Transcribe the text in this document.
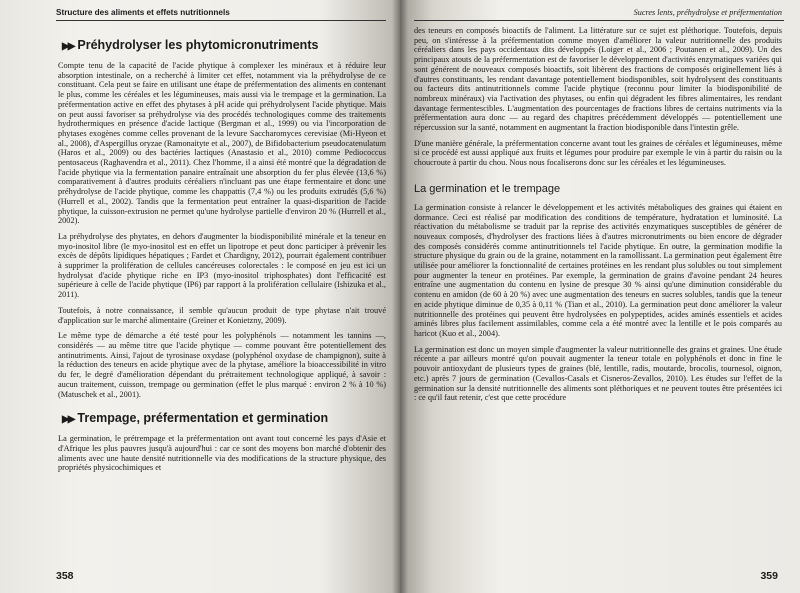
Structure des aliments et effets nutritionnels
▶▶ Préhydrolyser les phytomicronutriments

Compte tenu de la capacité de l'acide phytique à complexer les minéraux et à réduire leur absorption intestinale, on a recherché à limiter cet effet, notamment via la préhydrolyse de ce constituant. Cela peut se faire en utilisant une étape de préfermentation des aliments en contenant le plus, comme les céréales et les légumineuses, mais aussi via le trempage et la germination. La préfermentation active en effet des phytases à pH acide qui préhydrolysent l'acide phytique. Mais on peut aussi favoriser sa préhydrolyse via des procédés technologiques comme des traitements hydrothermiques en présence d'acide lactique (Bergman et al., 1999) ou via l'incorporation de phytases exogènes comme celles provenant de la levure Saccharomyces cerevisiae (Mi-Hyeon et al., 2008), d'Aspergillus oryzae (Ramonaityte et al., 2007), de Bifidobacterium pseudocatenulatum (Haros et al., 2009) ou des bactéries lactiques (Anastasio et al., 2010) comme Pediococcus pentosaceus (Raghavendra et al., 2011). Chez l'homme, il a ainsi été montré que la dégradation de l'acide phytique via la fermentation panaire entraînait une absorption du fer plus élevée (13,6 %) comparativement à d'autres produits céréaliers n'incluant pas une étape fermentaire et donc une préhydrolyse de l'acide phytique, comme les chappattis (7,4 %) ou les produits extrudés (5,6 %) (Hurrell et al., 2002). Tandis que la fermentation peut entraîner la quasi-disparition de l'acide phytique, la cuisson-extrusion ne permet qu'une hydrolyse partielle d'environ 20 % (Hurrell et al., 2002).

La préhydrolyse des phytates, en dehors d'augmenter la biodisponibilité minérale et la teneur en myo-inositol libre (le myo-inositol est en effet un lipotrope et peut donc participer à prévenir les excès de dépôts lipidiques hépatiques ; Fardet et Chardigny, 2012), pourrait également contribuer à supprimer la prolifération de cellules cancéreuses colorectales : le composé en jeu est ici un hydrolysat d'acide phytique riche en IP3 (myo-inositol triphosphates) dont l'efficacité est supérieure à celle de l'acide phytique (IP6) par rapport à la prolifération cellulaire (Ishizuka et al., 2011).

Toutefois, à notre connaissance, il semble qu'aucun produit de type phytase n'ait trouvé d'application sur le marché alimentaire (Greiner et Konietzny, 2009).

Le même type de démarche a été testé pour les polyphénols — notamment les tannins —, considérés — au même titre que l'acide phytique — comme pouvant être potentiellement des antinutriments. Ainsi, l'ajout de tyrosinase oxydase (polyphénol oxydase de champignon), suite à la réduction des teneurs en acide phytique avec de la phytase, améliore la bioaccessibilité in vitro du fer, le degré d'amélioration dépendant du prétraitement technologique appliqué, à savoir : aucun traitement, cuisson, trempage ou germination (effet le plus marqué : environ 2 % à 10 %) (Matuschek et al., 2001).

▶▶ Trempage, préfermentation et germination

La germination, le prétrempage et la préfermentation ont avant tout concerné les pays d'Asie et d'Afrique les plus pauvres jusqu'à aujourd'hui : car ce sont des moyens bon marché d'obtenir des aliments avec une haute densité nutritionnelle via des modifications de la structure physique, des propriétés physicochimiques et

358
Sucres lents, préhydrolyse et préfermentation

des teneurs en composés bioactifs de l'aliment. La littérature sur ce sujet est pléthorique. Toutefois, depuis peu, on s'intéresse à la préfermentation comme moyen d'améliorer la valeur nutritionnelle des produits céréaliers dans les pays occidentaux dits développés (Loiger et al., 2006 ; Poutanen et al., 2009). Un des principaux atouts de la préfermentation est de favoriser le développement d'activités enzymatiques variées qui sont générent de nouveaux composés bioactifs, soit libèrent des fractions de composés originellement liés à d'autres constituants, les rendant davantage potentiellement biodisponibles, soit hydrolysent des constituants ou facteurs dits antinutritionnels comme l'acide phytique (reconnu pour limiter la biodisponibilité de nombreux minéraux) via l'activation des phytases, ou enfin qui dégradent les fibres alimentaires, les rendant davantage fermentescibles. L'augmentation des pourcentages de fractions libres de certains nutriments via la préfermentation aura donc — au regard des chapitres précédemment développés — potentiellement une répercussion sur la santé, notamment en augmentant la fraction biodisponible dans l'intestin grêle.

D'une manière générale, la préfermentation concerne avant tout les graines de céréales et légumineuses, même si ce procédé est aussi appliqué aux fruits et légumes pour produire par exemple le vin à partir du raisin ou la choucroute à partir du chou. Nous nous focaliserons donc sur les céréales et les légumineuses.

La germination et le trempage

La germination consiste à relancer le développement et les activités métaboliques des graines qui étaient en dormance. Ceci est réalisé par modification des conditions de température, hydratation et luminosité. La réactivation du métabolisme se traduit par la reprise des activités enzymatiques susceptibles de générer de nouveaux composés, d'hydrolyser des fractions liées à d'autres micronutriments ou bien encore de dégrader des composés considérés comme antinutritionnels tel l'acide phytique. En outre, la germination modifie la structure physique du grain ou de la graine, notamment en la ramollissant. La germination peut également être utilisée pour améliorer la fonctionnalité de certaines protéines en les rendant plus solubles ou tout simplement pour augmenter la teneur en protéines. Par exemple, la germination de grains d'avoine pendant 24 heures entraîne une augmentation du contenu en lysine de presque 30 % ainsi qu'une diminution considérable du contenu en amidon (de 60 à 20 %) avec une augmentation des teneurs en sucres solubles, tandis que la teneur en acide phytique diminue de 0,35 à 0,11 % (Tian et al., 2010). La germination peut donc améliorer la valeur nutritionnelle des protéines qui peuvent être hydrolysées en polypeptides, acides aminés essentiels et acides aminés libres plus facilement assimilables, comme cela a été montré avec la lentille et le pois comparés au haricot (Kuo et al., 2004).

La germination est donc un moyen simple d'augmenter la valeur nutritionnelle des grains et graines. Une étude récente a par ailleurs montré qu'on pouvait augmenter la teneur totale en polyphénols et donc in fine le pouvoir antioxydant de plusieurs types de graines (blé, lentille, radis, moutarde, brocolis, tournesol, oignon, etc.) après 7 jours de germination (Cevallos-Casals et Cisneros-Zevallos, 2010). Les études sur l'effet de la germination sur la densité nutritionnelle des aliments sont pléthoriques et ne peuvent toutes être présentées ici : ce qu'il faut retenir, c'est que cette procédure

359
